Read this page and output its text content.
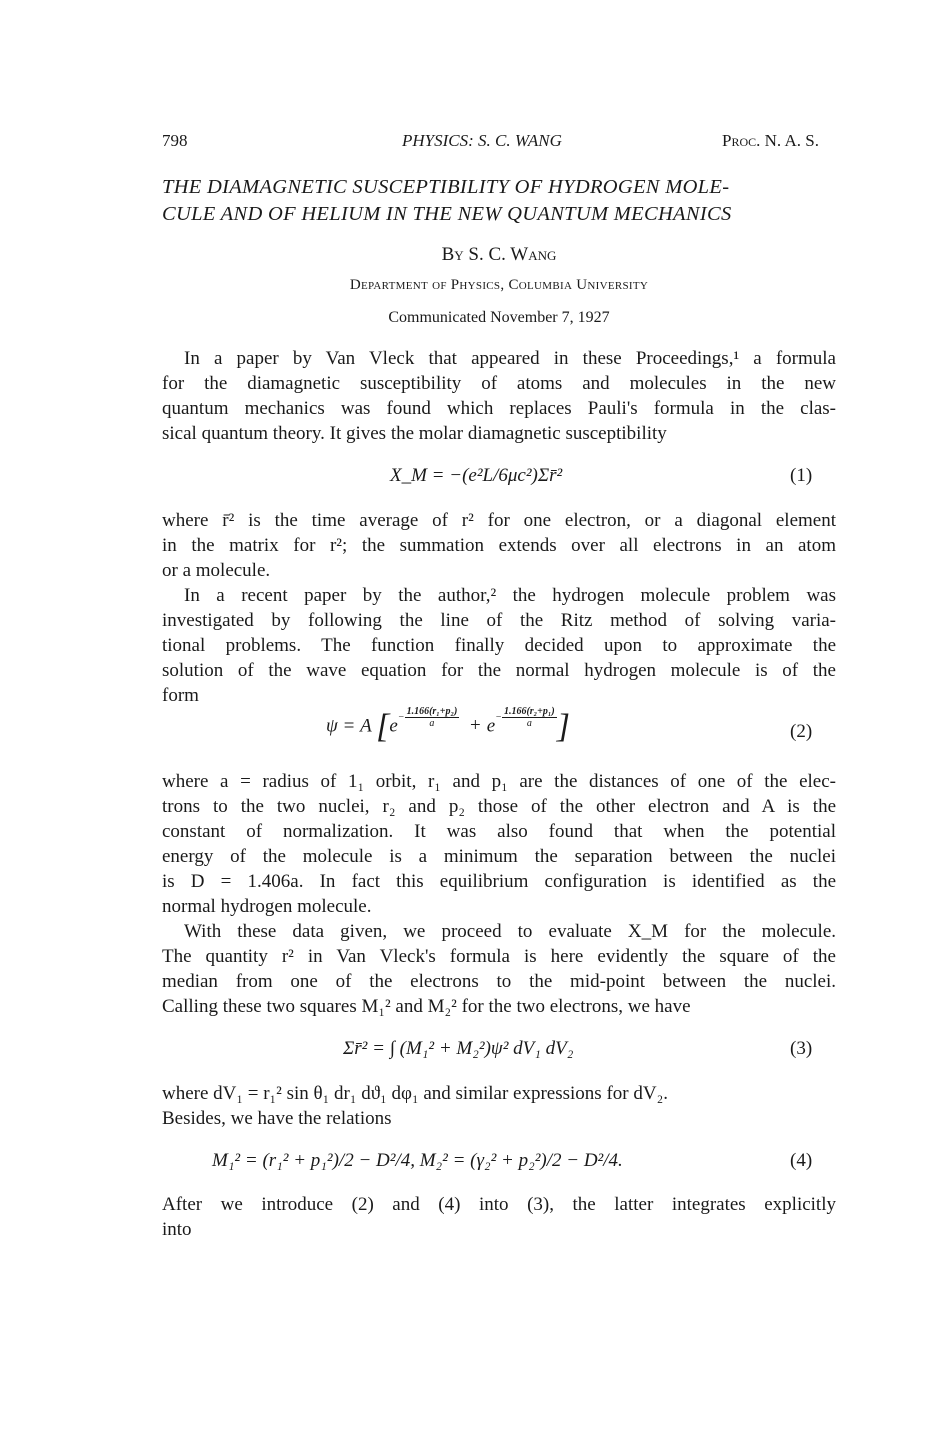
798	PHYSICS: S. C. WANG	Proc. N. A. S.
THE DIAMAGNETIC SUSCEPTIBILITY OF HYDROGEN MOLE-
CULE AND OF HELIUM IN THE NEW QUANTUM MECHANICS
By S. C. Wang
Department of Physics, Columbia University
Communicated November 7, 1927
In a paper by Van Vleck that appeared in these Proceedings,¹ a formula
for the diamagnetic susceptibility of atoms and molecules in the new
quantum mechanics was found which replaces Pauli's formula in the clas-
sical quantum theory. It gives the molar diamagnetic susceptibility
X_M = −(e²L/6μc²)Σr̄²	(1)
where r̄² is the time average of r² for one electron, or a diagonal element
in the matrix for r²; the summation extends over all electrons in an atom
or a molecule.
In a recent paper by the author,² the hydrogen molecule problem was
investigated by following the line of the Ritz method of solving varia-
tional problems. The function finally decided upon to approximate the
solution of the wave equation for the normal hydrogen molecule is of the
form
ψ = A [$e^{- \frac{\text{1.166(r₁+p₂)}}{a}} + e^{- \frac{\text{1.166(r₂+p₁)}}{a}}$ ]	(2)
where a = radius of 1₁ orbit, r₁ and p₁ are the distances of one of the elec-
trons to the two nuclei, r₂ and p₂ those of the other electron and A is the
constant of normalization. It was also found that when the potential
energy of the molecule is a minimum the separation between the nuclei
is D = 1.406a. In fact this equilibrium configuration is identified as the
normal hydrogen molecule.
With these data given, we proceed to evaluate X_M for the molecule.
The quantity r² in Van Vleck's formula is here evidently the square of the
median from one of the electrons to the mid-point between the nuclei.
Calling these two squares M₁² and M₂² for the two electrons, we have
Σr̄² = ∫ (M₁² + M₂²)ψ² dV₁ dV₂	(3)
where dV₁ = r₁² sin θ₁ dr₁ dϑ₁ dφ₁ and similar expressions for dV₂.
Besides, we have the relations
M₁² = (r₁² + p₁²)/2 − D²/4, M₂² = (γ₂² + p₂²)/2 − D²/4.	(4)
After we introduce (2) and (4) into (3), the latter integrates explicitly
into
